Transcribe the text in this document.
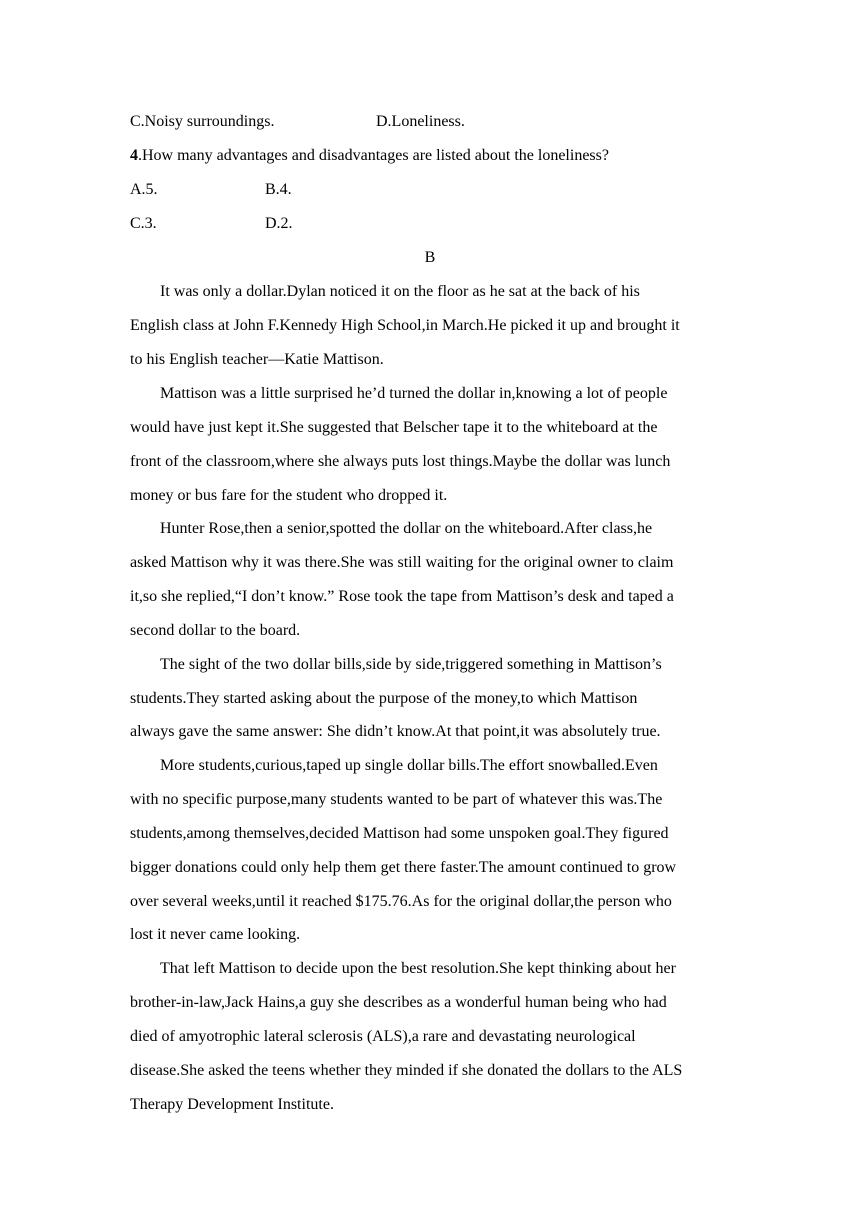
C.Noisy surroundings.	D.Loneliness.
4.How many advantages and disadvantages are listed about the loneliness?
A.5.	B.4.
C.3.	D.2.
B
It was only a dollar.Dylan noticed it on the floor as he sat at the back of his
English class at John F.Kennedy High School,in March.He picked it up and brought it
to his English teacher—Katie Mattison.
Mattison was a little surprised he’d turned the dollar in,knowing a lot of people
would have just kept it.She suggested that Belscher tape it to the whiteboard at the
front of the classroom,where she always puts lost things.Maybe the dollar was lunch
money or bus fare for the student who dropped it.
Hunter Rose,then a senior,spotted the dollar on the whiteboard.After class,he
asked Mattison why it was there.She was still waiting for the original owner to claim
it,so she replied,“I don’t know.” Rose took the tape from Mattison’s desk and taped a
second dollar to the board.
The sight of the two dollar bills,side by side,triggered something in Mattison’s
students.They started asking about the purpose of the money,to which Mattison
always gave the same answer: She didn’t know.At that point,it was absolutely true.
More students,curious,taped up single dollar bills.The effort snowballed.Even
with no specific purpose,many students wanted to be part of whatever this was.The
students,among themselves,decided Mattison had some unspoken goal.They figured
bigger donations could only help them get there faster.The amount continued to grow
over several weeks,until it reached $175.76.As for the original dollar,the person who
lost it never came looking.
That left Mattison to decide upon the best resolution.She kept thinking about her
brother-in-law,Jack Hains,a guy she describes as a wonderful human being who had
died of amyotrophic lateral sclerosis (ALS),a rare and devastating neurological
disease.She asked the teens whether they minded if she donated the dollars to the ALS
Therapy Development Institute.
